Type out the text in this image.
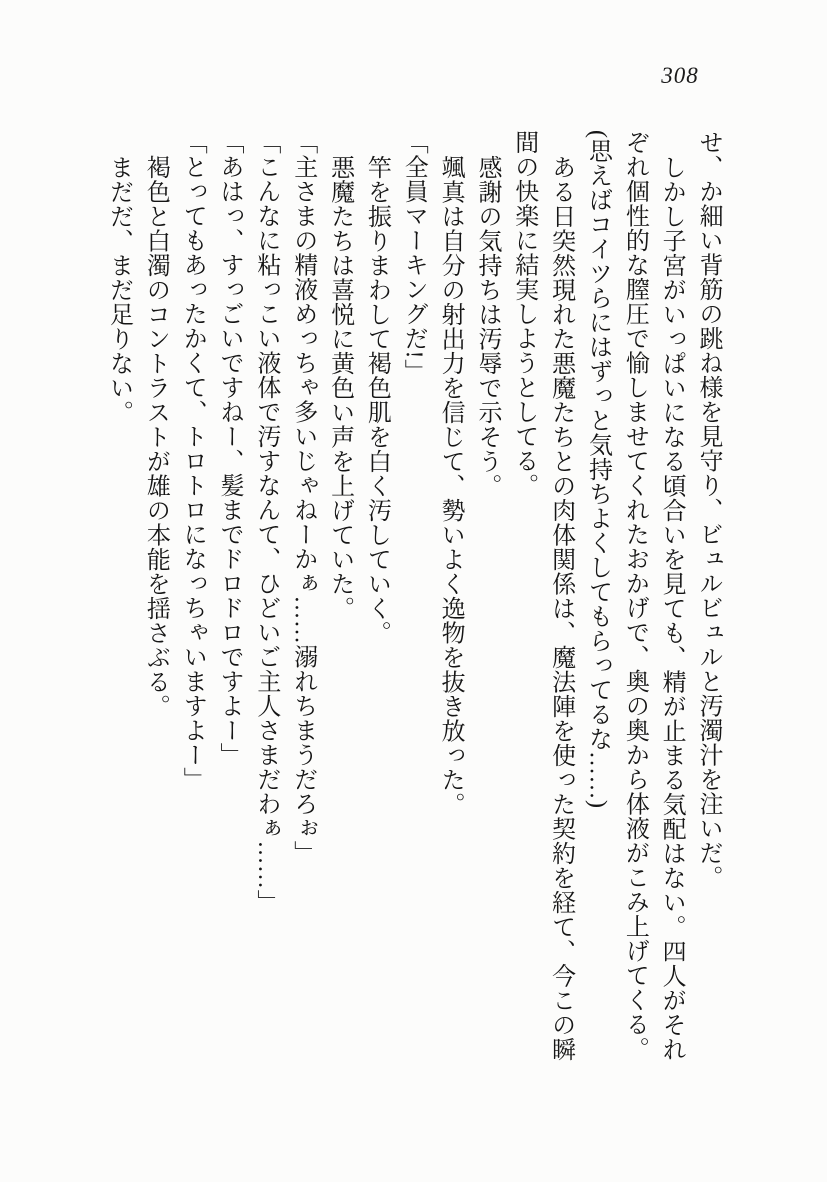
308
せ、か細い背筋の跳ね様を見守り、ビュルビュルと汚濁汁を注いだ。
しかし子宮がいっぱいになる頃合いを見ても、精が止まる気配はない。四人がそれ
ぞれ個性的な膣圧で愉しませてくれたおかげで、奥の奥から体液がこみ上げてくる。
(思えばコイツらにはずっと気持ちよくしてもらってるな……)
ある日突然現れた悪魔たちとの肉体関係は、魔法陣を使った契約を経て、今この瞬
間の快楽に結実しようとしてる。
感謝の気持ちは汚辱で示そう。
颯真は自分の射出力を信じて、勢いよく逸物を抜き放った。
「全員マーキングだ!」
竿を振りまわして褐色肌を白く汚していく。
悪魔たちは喜悦に黄色い声を上げていた。
「主さまの精液めっちゃ多いじゃねーかぁ……溺れちまうだろぉ」
「こんなに粘っこい液体で汚すなんて、ひどいご主人さまだわぁ……」
「あはっ、すっごいですねー、髪までドロドロですよー」
「とってもあったかくて、トロトロになっちゃいますよー」
褐色と白濁のコントラストが雄の本能を揺さぶる。
まだだ、まだ足りない。
